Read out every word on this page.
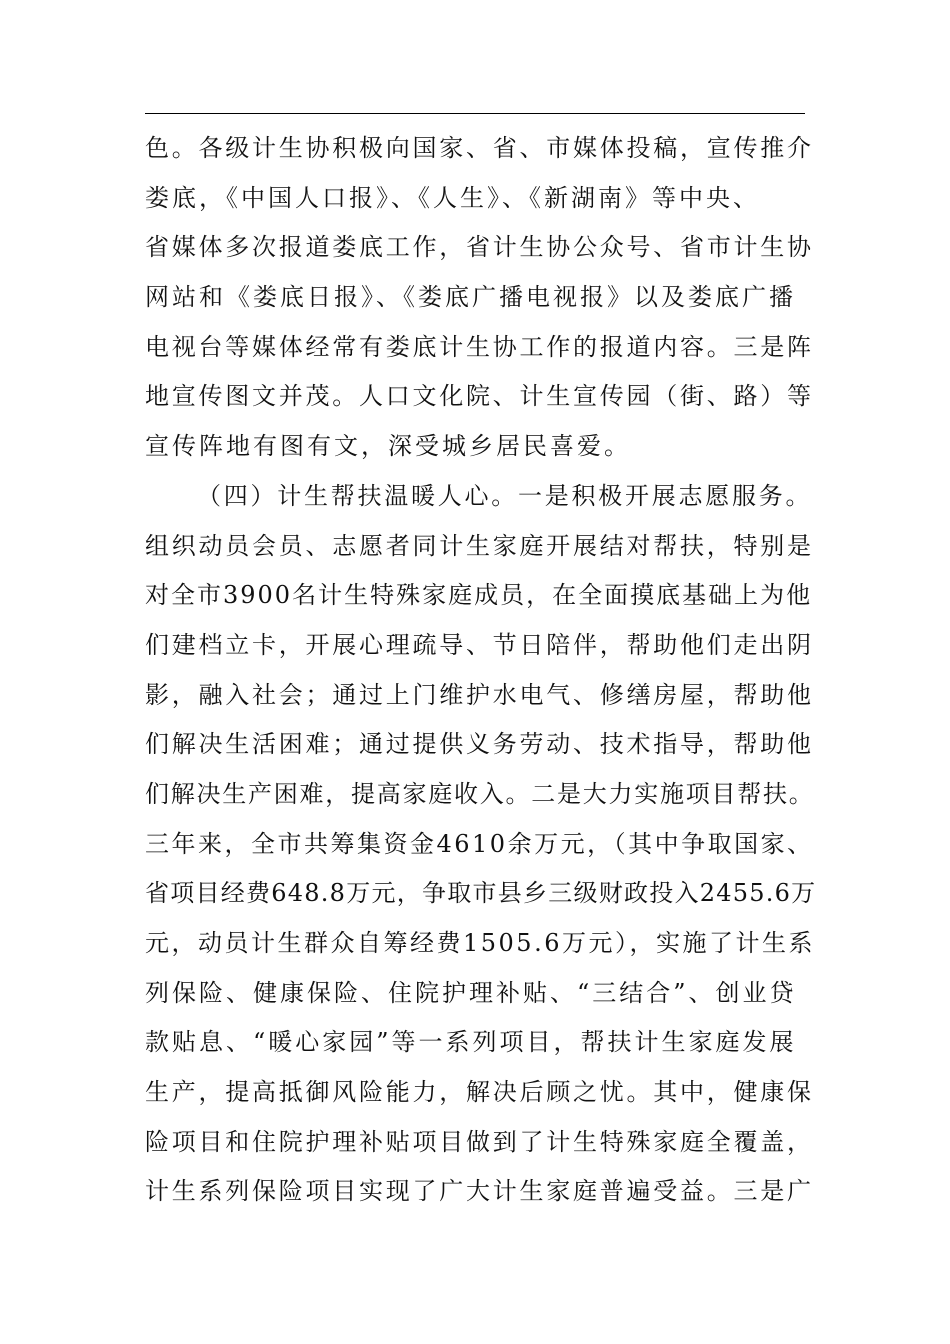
色。各级计生协积极向国家、省、市媒体投稿，宣传推介
娄底，《中国人口报》、《人生》、《新湖南》等中央、
省媒体多次报道娄底工作，省计生协公众号、省市计生协
网站和《娄底日报》、《娄底广播电视报》以及娄底广播
电视台等媒体经常有娄底计生协工作的报道内容。三是阵
地宣传图文并茂。人口文化院、计生宣传园（街、路）等
宣传阵地有图有文，深受城乡居民喜爱。
（四）计生帮扶温暖人心。一是积极开展志愿服务。
组织动员会员、志愿者同计生家庭开展结对帮扶，特别是
对全市3900名计生特殊家庭成员，在全面摸底基础上为他
们建档立卡，开展心理疏导、节日陪伴，帮助他们走出阴
影，融入社会；通过上门维护水电气、修缮房屋，帮助他
们解决生活困难；通过提供义务劳动、技术指导，帮助他
们解决生产困难，提高家庭收入。二是大力实施项目帮扶。
三年来，全市共筹集资金4610余万元，（其中争取国家、
省项目经费648.8万元，争取市县乡三级财政投入2455.6万
元，动员计生群众自筹经费1505.6万元），实施了计生系
列保险、健康保险、住院护理补贴、“三结合”、创业贷
款贴息、“暖心家园”等一系列项目，帮扶计生家庭发展
生产，提高抵御风险能力，解决后顾之忧。其中，健康保
险项目和住院护理补贴项目做到了计生特殊家庭全覆盖，
计生系列保险项目实现了广大计生家庭普遍受益。三是广
